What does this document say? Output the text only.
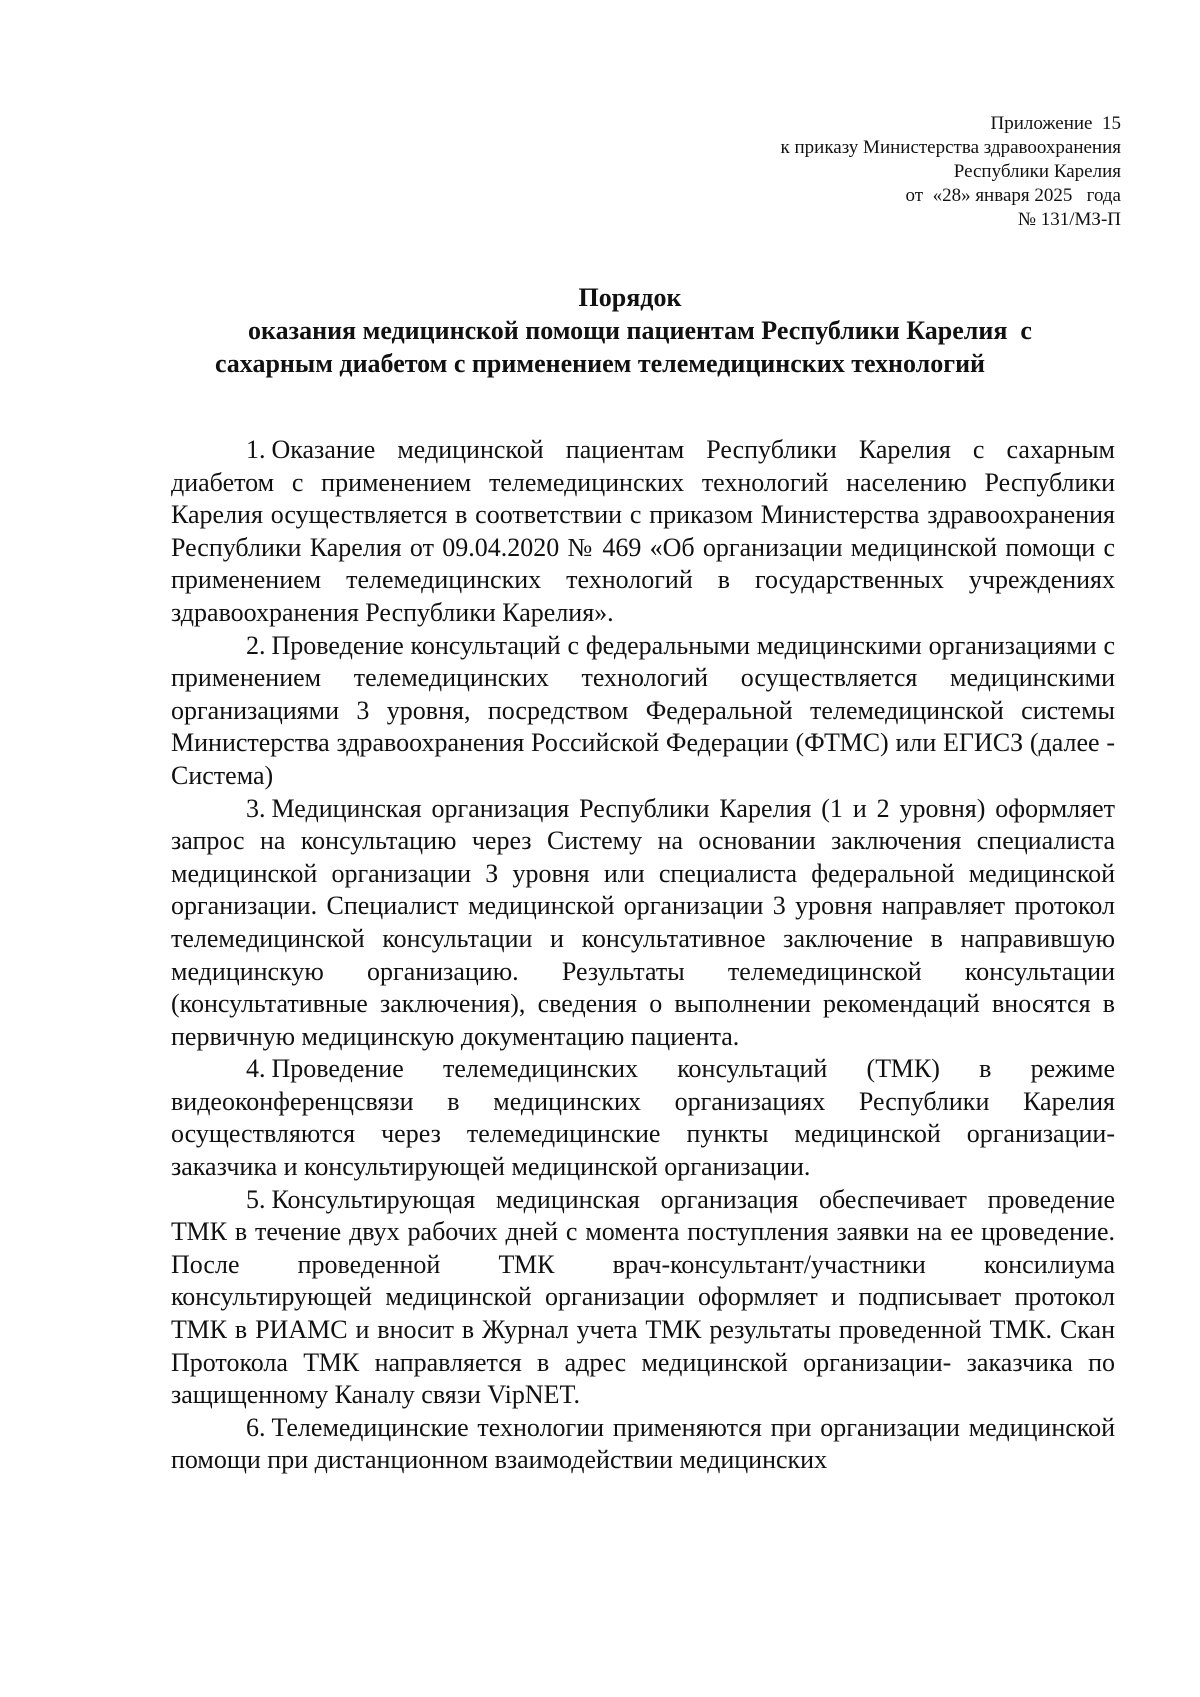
Приложение  15
к приказу Министерства здравоохранения
Республики Карелия
от  «28» января 2025   года
№ 131/МЗ-П
Порядок
оказания медицинской помощи пациентам Республики Карелия  с
сахарным диабетом с применением телемедицинских технологий

1. Оказание медицинской пациентам Республики Карелия с сахарным диабетом с применением телемедицинских технологий населению Республики Карелия осуществляется в соответствии с приказом Министерства здравоохранения Республики Карелия от 09.04.2020 № 469 «Об организации медицинской помощи с применением телемедицинских технологий в государственных учреждениях здравоохранения Республики Карелия».

2. Проведение консультаций с федеральными медицинскими организациями с применением телемедицинских технологий осуществляется медицинскими организациями 3 уровня, посредством Федеральной телемедицинской системы Министерства здравоохранения Российской Федерации (ФТМС) или ЕГИСЗ (далее - Система)

3. Медицинская организация Республики Карелия (1 и 2 уровня) оформляет запрос на консультацию через Систему на основании заключения специалиста медицинской организации З уровня или специалиста федеральной медицинской организации. Специалист медицинской организации 3 уровня направляет протокол телемедицинской консультации и консультативное заключение в направившую медицинскую организацию. Результаты телемедицинской консультации (консультативные заключения), сведения о выполнении рекомендаций вносятся в первичную медицинскую документацию пациента.

4. Проведение телемедицинских консультаций (ТМК) в режиме видеоконференцсвязи в медицинских организациях Республики Карелия осуществляются через телемедицинские пункты медицинской организации-заказчика и консультирующей медицинской организации.

5. Консультирующая медицинская организация обеспечивает проведение ТМК в течение двух рабочих дней с момента поступления заявки на ее цроведение. После проведенной ТМК врач-консультант/участники консилиума консультирующей медицинской организации оформляет и подписывает протокол ТМК в РИАМС и вносит в Журнал учета ТМК результаты проведенной ТМК. Скан Протокола ТМК направляется в адрес медицинской организации- заказчика по защищенному Каналу связи VipNET.

6. Телемедицинские технологии применяются при организации медицинской помощи при дистанционном взаимодействии медицинских
